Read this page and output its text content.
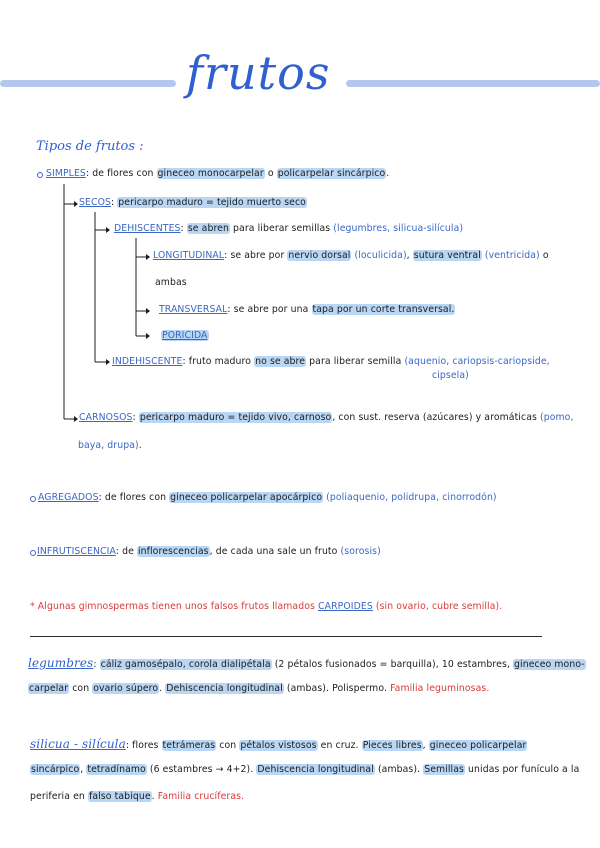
frutos
Tipos de frutos :
SIMPLES: de flores con gineceo monocarpelar o policarpelar sincárpico.
SECOS: pericarpo maduro = tejido muerto seco
DEHISCENTES: se abren para liberar semillas (legumbres, silicua-silícula)
LONGITUDINAL: se abre por nervio dorsal (loculicida), sutura ventral (ventricida) o
ambas
TRANSVERSAL: se abre por una tapa por un corte transversal.
PORICIDA
INDEHISCENTE: fruto maduro no se abre para liberar semilla (aquenio, cariopsis-cariopside,
cipsela)
CARNOSOS: pericarpo maduro = tejido vivo, carnoso, con sust. reserva (azúcares) y aromáticas (pomo,
baya, drupa).
AGREGADOS: de flores con gineceo policarpelar apocárpico (poliaquenio, polidrupa, cinorrodón)
INFRUTISCENCIA: de inflorescencias, de cada una sale un fruto (sorosis)
* Algunas gimnospermas tienen unos falsos frutos llamados CARPOIDES (sin ovario, cubre semilla).
legumbres: cáliz gamosépalo, corola dialipétala (2 pétalos fusionados = barquilla), 10 estambres, gineceo mono-
carpelar con ovario súpero. Dehiscencia longitudinal (ambas). Polispermo. Familia leguminosas.
silicua - silícula: flores tetrámeras con pétalos vistosos en cruz. Pieces libres, gineceo policarpelar
sincárpico, tetradínamo (6 estambres → 4+2). Dehiscencia longitudinal (ambas). Semillas unidas por funículo a la
periferia en falso tabique. Familia crucíferas.
